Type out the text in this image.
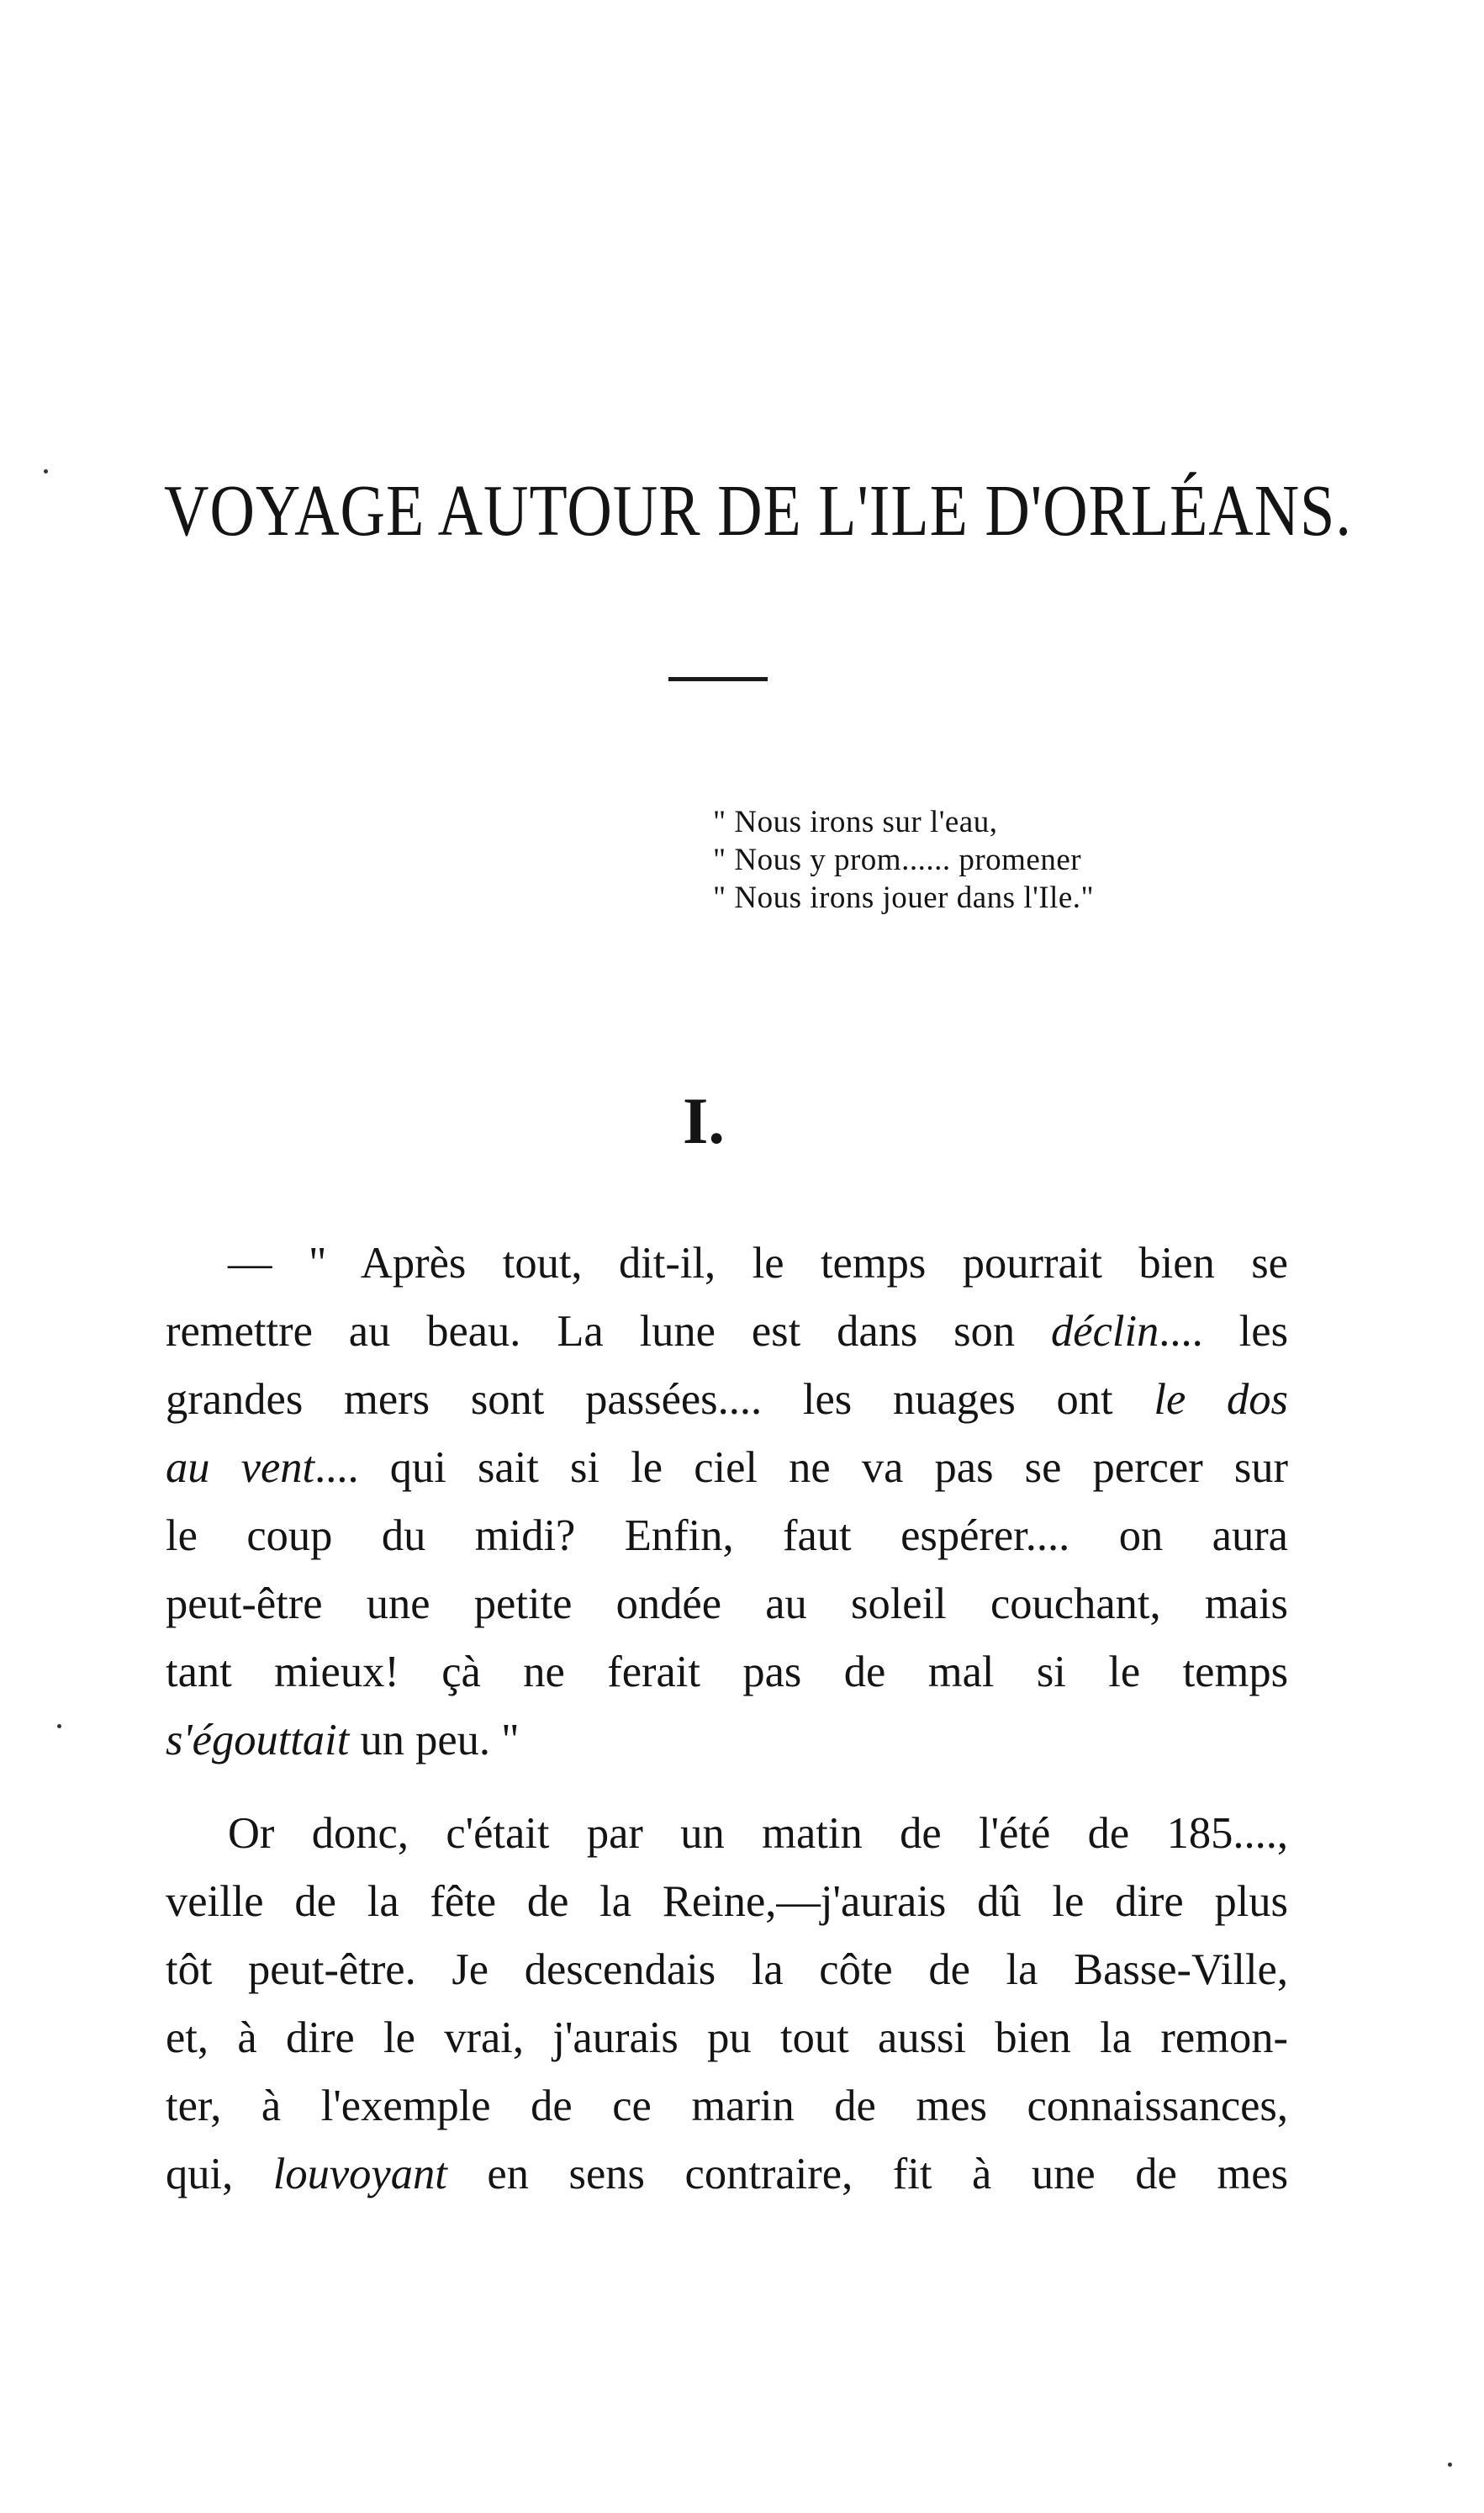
VOYAGE AUTOUR DE L'ILE D'ORLÉANS.
" Nous irons sur l'eau,
" Nous y prom...... promener
" Nous irons jouer dans l'Ile."
I.
— " Après tout, dit-il, le temps pourrait bien se
remettre au beau. La lune est dans son déclin.... les
grandes mers sont passées.... les nuages ont le dos
au vent.... qui sait si le ciel ne va pas se percer sur
le coup du midi? Enfin, faut espérer.... on aura
peut-être une petite ondée au soleil couchant, mais
tant mieux! çà ne ferait pas de mal si le temps
s'égouttait un peu. "
Or donc, c'était par un matin de l'été de 185....,
veille de la fête de la Reine,—j'aurais dû le dire plus
tôt peut-être. Je descendais la côte de la Basse-Ville,
et, à dire le vrai, j'aurais pu tout aussi bien la remon-
ter, à l'exemple de ce marin de mes connaissances,
qui, louvoyant en sens contraire, fit à une de mes
